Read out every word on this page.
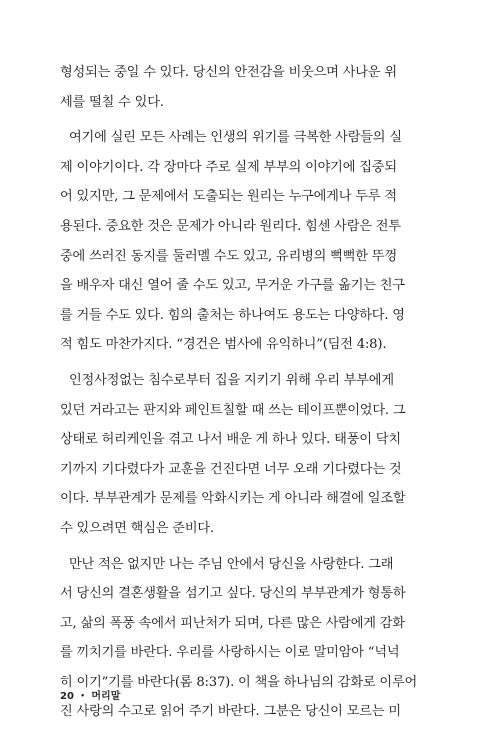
형성되는 중일 수 있다. 당신의 안전감을 비웃으며 사나운 위
세를 떨칠 수 있다.
여기에 실린 모든 사례는 인생의 위기를 극복한 사람들의 실
제 이야기이다. 각 장마다 주로 실제 부부의 이야기에 집중되
어 있지만, 그 문제에서 도출되는 원리는 누구에게나 두루 적
용된다. 중요한 것은 문제가 아니라 원리다. 힘센 사람은 전투
중에 쓰러진 동지를 둘러멜 수도 있고, 유리병의 뻑뻑한 뚜껑
을 배우자 대신 열어 줄 수도 있고, 무거운 가구를 옮기는 친구
를 거들 수도 있다. 힘의 출처는 하나여도 용도는 다양하다. 영
적 힘도 마찬가지다. “경건은 범사에 유익하니”(딤전 4:8).
인정사정없는 침수로부터 집을 지키기 위해 우리 부부에게
있던 거라고는 판지와 페인트칠할 때 쓰는 테이프뿐이었다. 그
상태로 허리케인을 겪고 나서 배운 게 하나 있다. 태풍이 닥치
기까지 기다렸다가 교훈을 건진다면 너무 오래 기다렸다는 것
이다. 부부관계가 문제를 악화시키는 게 아니라 해결에 일조할
수 있으려면 핵심은 준비다.
만난 적은 없지만 나는 주님 안에서 당신을 사랑한다. 그래
서 당신의 결혼생활을 섬기고 싶다. 당신의 부부관계가 형통하
고, 삶의 폭풍 속에서 피난처가 되며, 다른 많은 사람에게 감화
를 끼치기를 바란다. 우리를 사랑하시는 이로 말미암아 “넉넉
히 이기”기를 바란다(롬 8:37). 이 책을 하나님의 감화로 이루어
진 사랑의 수고로 읽어 주기 바란다. 그분은 당신이 모르는 미
20 • 머리말
